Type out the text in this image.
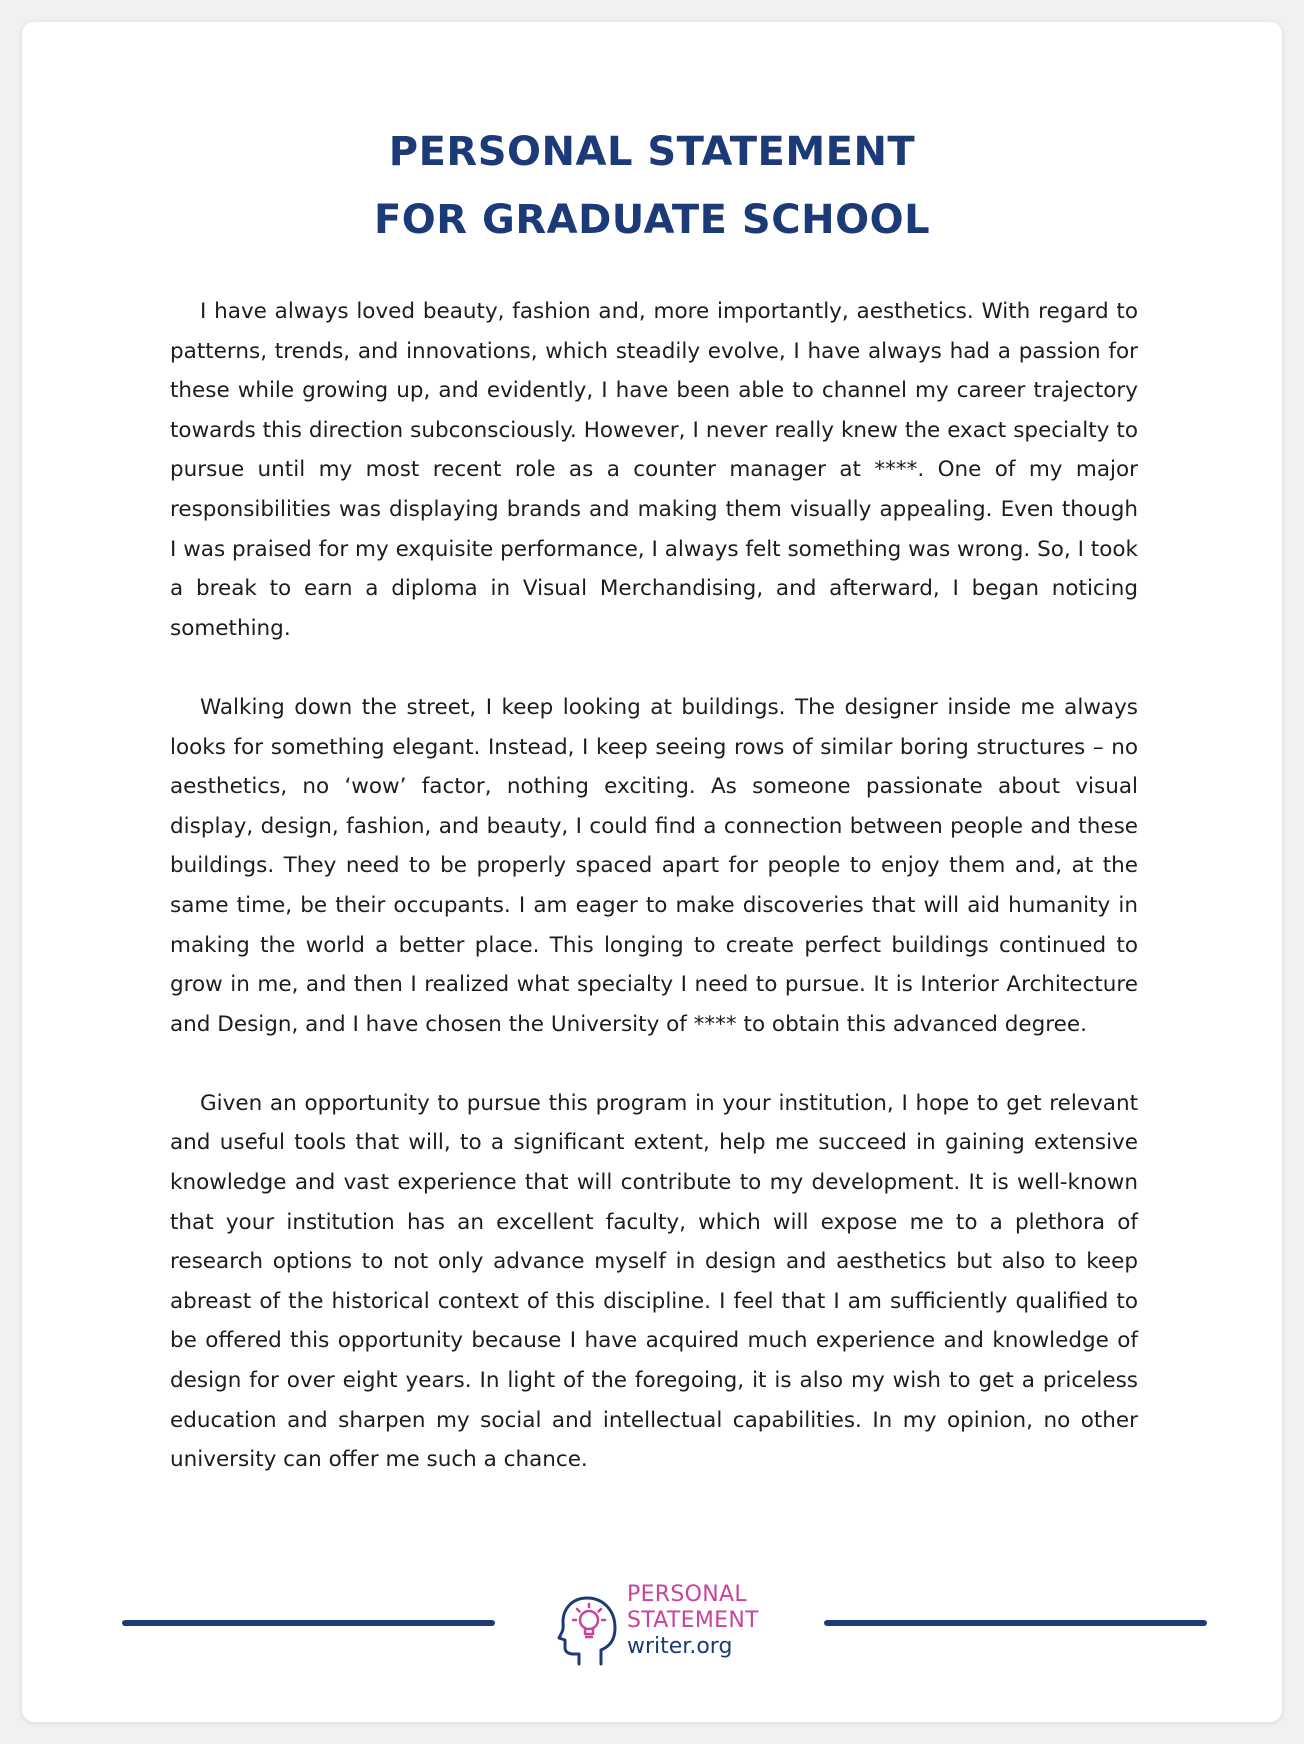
PERSONAL STATEMENT
FOR GRADUATE SCHOOL

I have always loved beauty, fashion and, more importantly, aesthetics. With regard to patterns, trends, and innovations, which steadily evolve, I have always had a passion for these while growing up, and evidently, I have been able to channel my career trajectory towards this direction subconsciously. However, I never really knew the exact specialty to pursue until my most recent role as a counter manager at ****. One of my major responsibilities was displaying brands and making them visually appealing. Even though I was praised for my exquisite performance, I always felt something was wrong. So, I took a break to earn a diploma in Visual Merchandising, and afterward, I began noticing something.

Walking down the street, I keep looking at buildings. The designer inside me always looks for something elegant. Instead, I keep seeing rows of similar boring structures – no aesthetics, no ‘wow’ factor, nothing exciting. As someone passionate about visual display, design, fashion, and beauty, I could find a connection between people and these buildings. They need to be properly spaced apart for people to enjoy them and, at the same time, be their occupants. I am eager to make discoveries that will aid humanity in making the world a better place. This longing to create perfect buildings continued to grow in me, and then I realized what specialty I need to pursue. It is Interior Architecture and Design, and I have chosen the University of **** to obtain this advanced degree.

Given an opportunity to pursue this program in your institution, I hope to get relevant and useful tools that will, to a significant extent, help me succeed in gaining extensive knowledge and vast experience that will contribute to my development. It is well-known that your institution has an excellent faculty, which will expose me to a plethora of research options to not only advance myself in design and aesthetics but also to keep abreast of the historical context of this discipline. I feel that I am sufficiently qualified to be offered this opportunity because I have acquired much experience and knowledge of design for over eight years. In light of the foregoing, it is also my wish to get a priceless education and sharpen my social and intellectual capabilities. In my opinion, no other university can offer me such a chance.

PERSONAL
STATEMENT
writer.org
